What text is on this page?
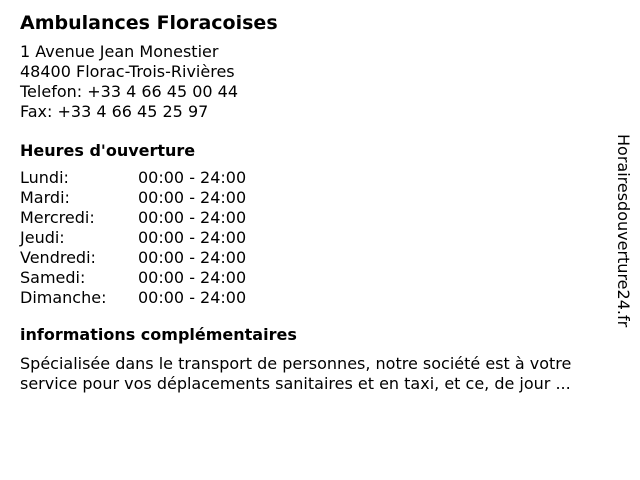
Ambulances Floracoises
1 Avenue Jean Monestier
48400 Florac-Trois-Rivières
Telefon: +33 4 66 45 00 44
Fax: +33 4 66 45 25 97
Heures d'ouverture
Lundi:	00:00 - 24:00
Mardi:	00:00 - 24:00
Mercredi:	00:00 - 24:00
Jeudi:	00:00 - 24:00
Vendredi:	00:00 - 24:00
Samedi:	00:00 - 24:00
Dimanche:	00:00 - 24:00
informations complémentaires
Spécialisée dans le transport de personnes, notre société est à votre service pour vos déplacements sanitaires et en taxi, et ce, de jour ...
Horairesdouverture24.fr
